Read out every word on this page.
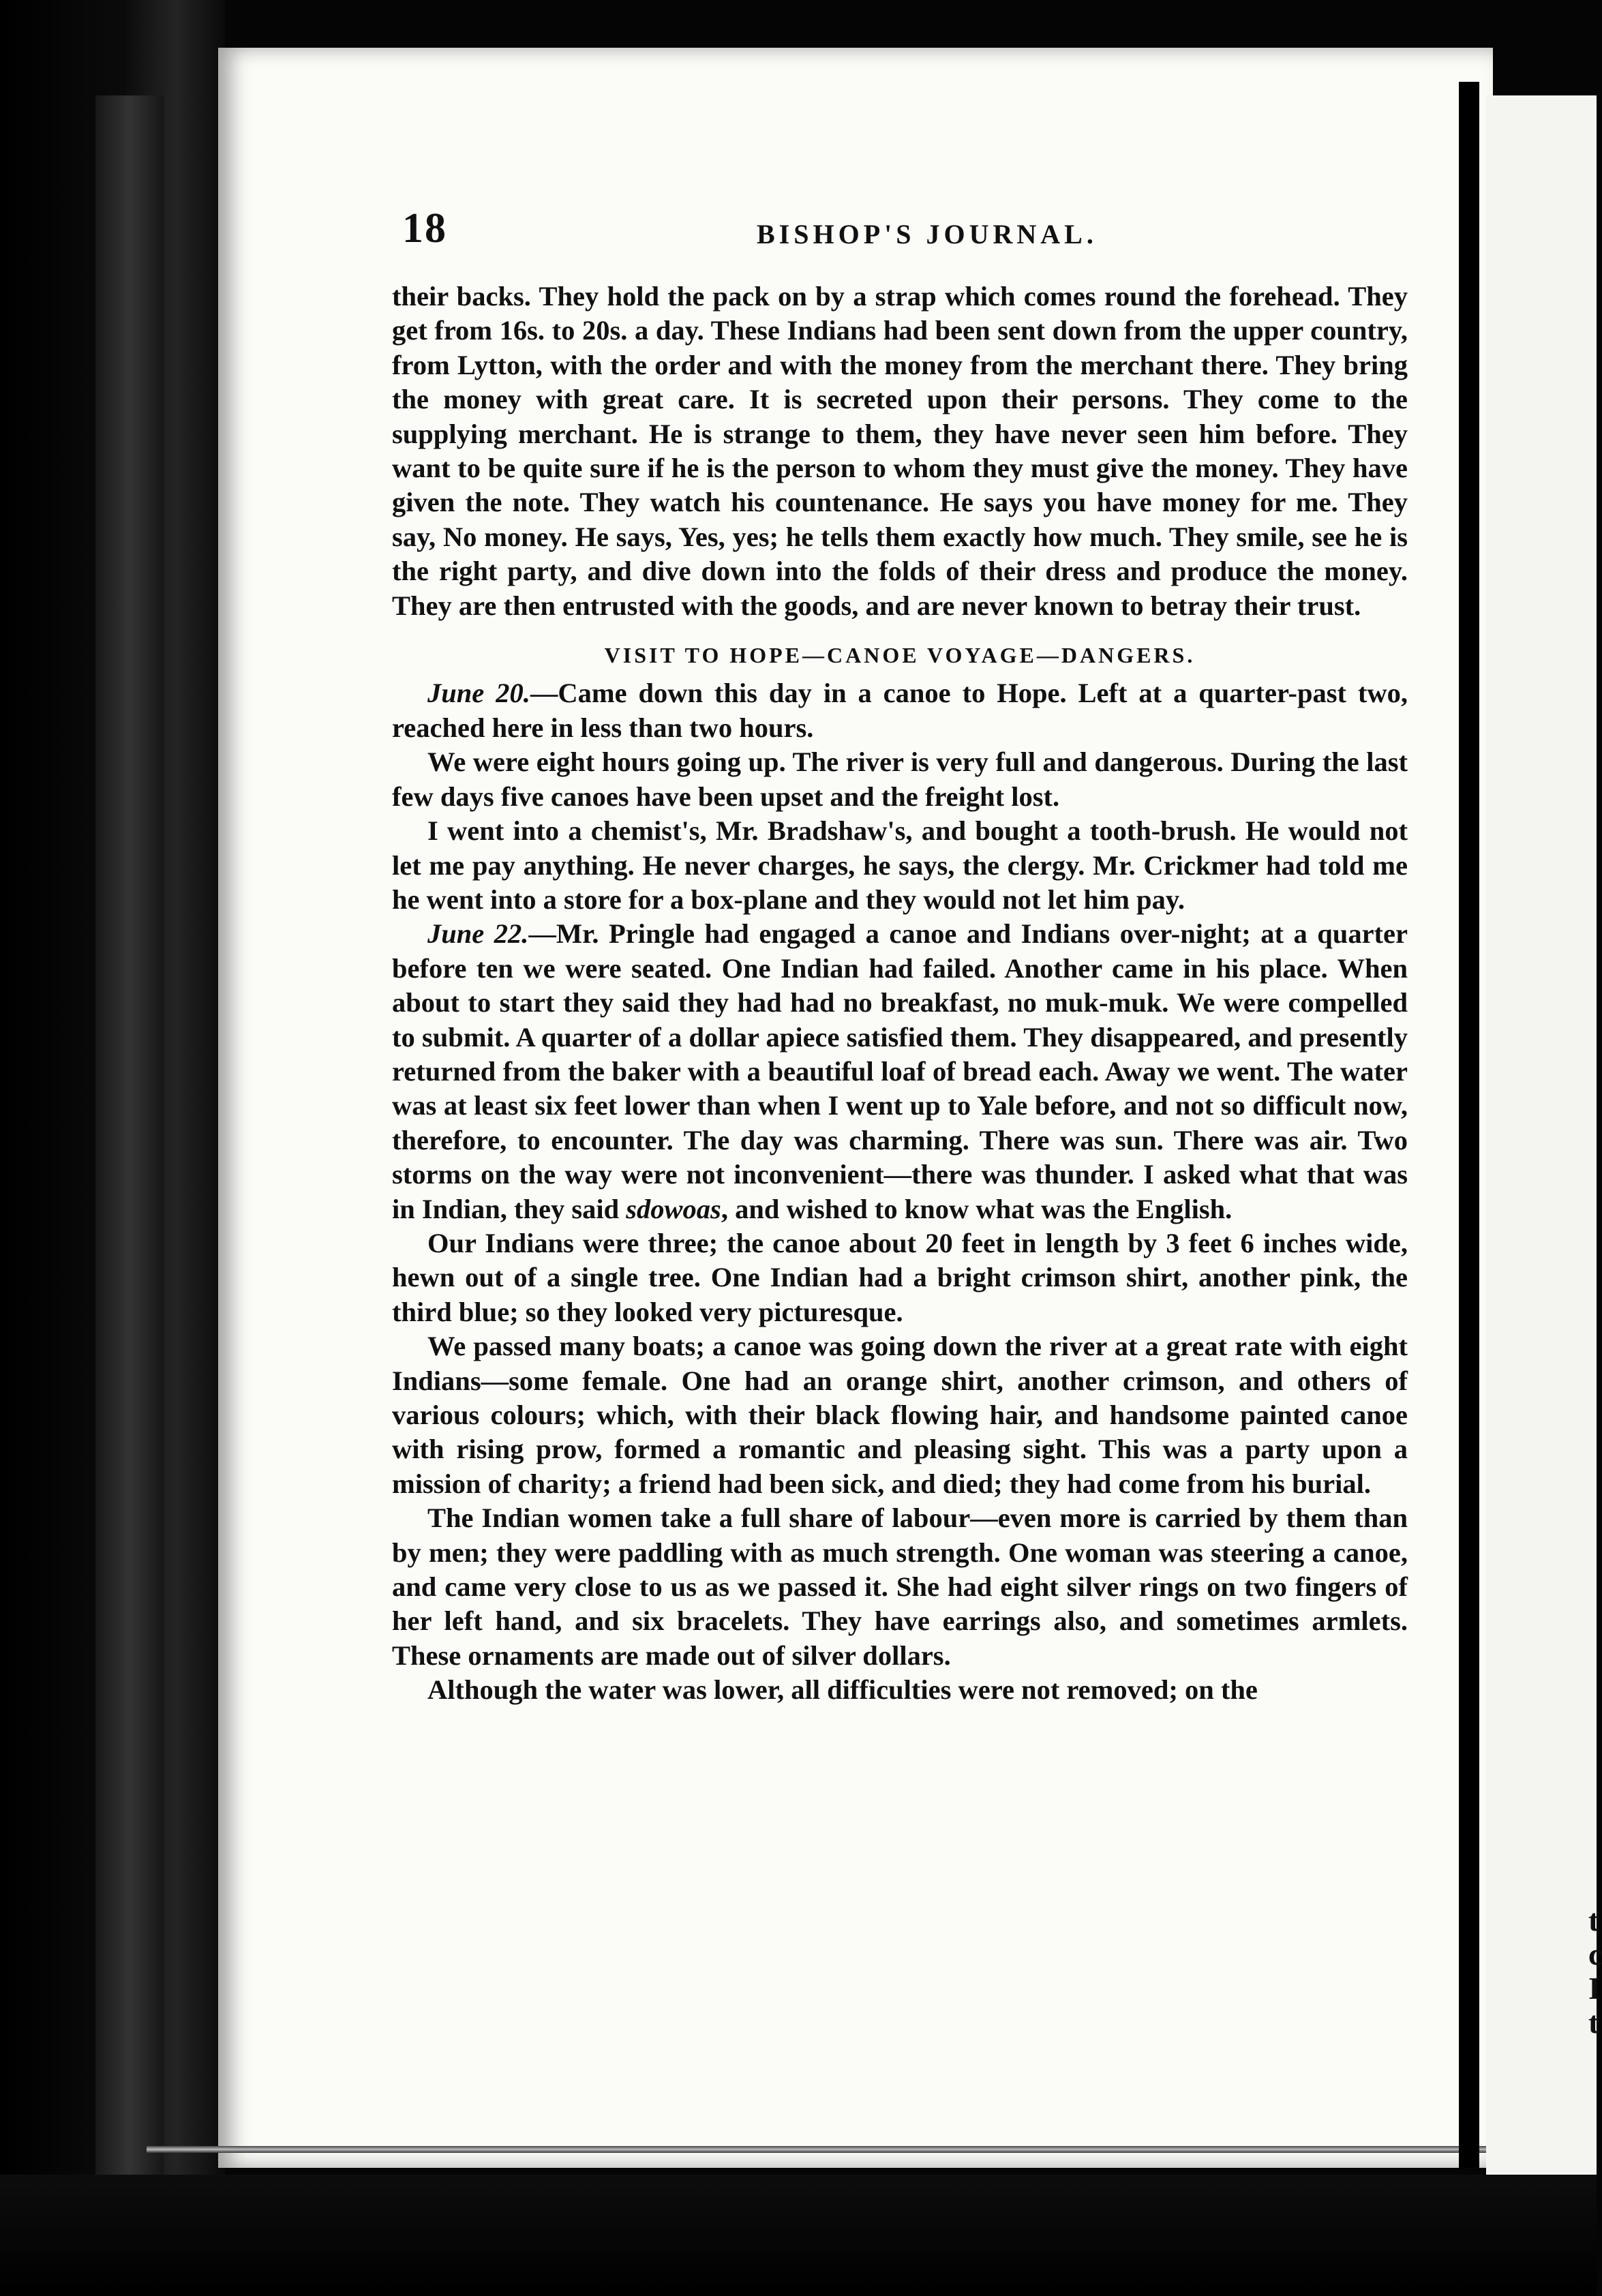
t
c
I
t
18	BISHOP'S JOURNAL.

their backs. They hold the pack on by a strap which comes round the forehead. They get from 16s. to 20s. a day. These Indians had been sent down from the upper country, from Lytton, with the order and with the money from the merchant there. They bring the money with great care. It is secreted upon their persons. They come to the supplying merchant. He is strange to them, they have never seen him before. They want to be quite sure if he is the person to whom they must give the money. They have given the note. They watch his countenance. He says you have money for me. They say, No money. He says, Yes, yes; he tells them exactly how much. They smile, see he is the right party, and dive down into the folds of their dress and produce the money. They are then entrusted with the goods, and are never known to betray their trust.

VISIT TO HOPE—CANOE VOYAGE—DANGERS.

June 20.—Came down this day in a canoe to Hope. Left at a quarter-past two, reached here in less than two hours.

We were eight hours going up. The river is very full and dangerous. During the last few days five canoes have been upset and the freight lost.

I went into a chemist's, Mr. Bradshaw's, and bought a tooth-brush. He would not let me pay anything. He never charges, he says, the clergy. Mr. Crickmer had told me he went into a store for a box-plane and they would not let him pay.

June 22.—Mr. Pringle had engaged a canoe and Indians over-night; at a quarter before ten we were seated. One Indian had failed. Another came in his place. When about to start they said they had had no breakfast, no muk-muk. We were compelled to submit. A quarter of a dollar apiece satisfied them. They disappeared, and presently returned from the baker with a beautiful loaf of bread each. Away we went. The water was at least six feet lower than when I went up to Yale before, and not so difficult now, therefore, to encounter. The day was charming. There was sun. There was air. Two storms on the way were not inconvenient—there was thunder. I asked what that was in Indian, they said sdowoas, and wished to know what was the English.

Our Indians were three; the canoe about 20 feet in length by 3 feet 6 inches wide, hewn out of a single tree. One Indian had a bright crimson shirt, another pink, the third blue; so they looked very picturesque.

We passed many boats; a canoe was going down the river at a great rate with eight Indians—some female. One had an orange shirt, another crimson, and others of various colours; which, with their black flowing hair, and handsome painted canoe with rising prow, formed a romantic and pleasing sight. This was a party upon a mission of charity; a friend had been sick, and died; they had come from his burial.

The Indian women take a full share of labour—even more is carried by them than by men; they were paddling with as much strength. One woman was steering a canoe, and came very close to us as we passed it. She had eight silver rings on two fingers of her left hand, and six bracelets. They have earrings also, and sometimes armlets. These ornaments are made out of silver dollars.

Although the water was lower, all difficulties were not removed; on the
